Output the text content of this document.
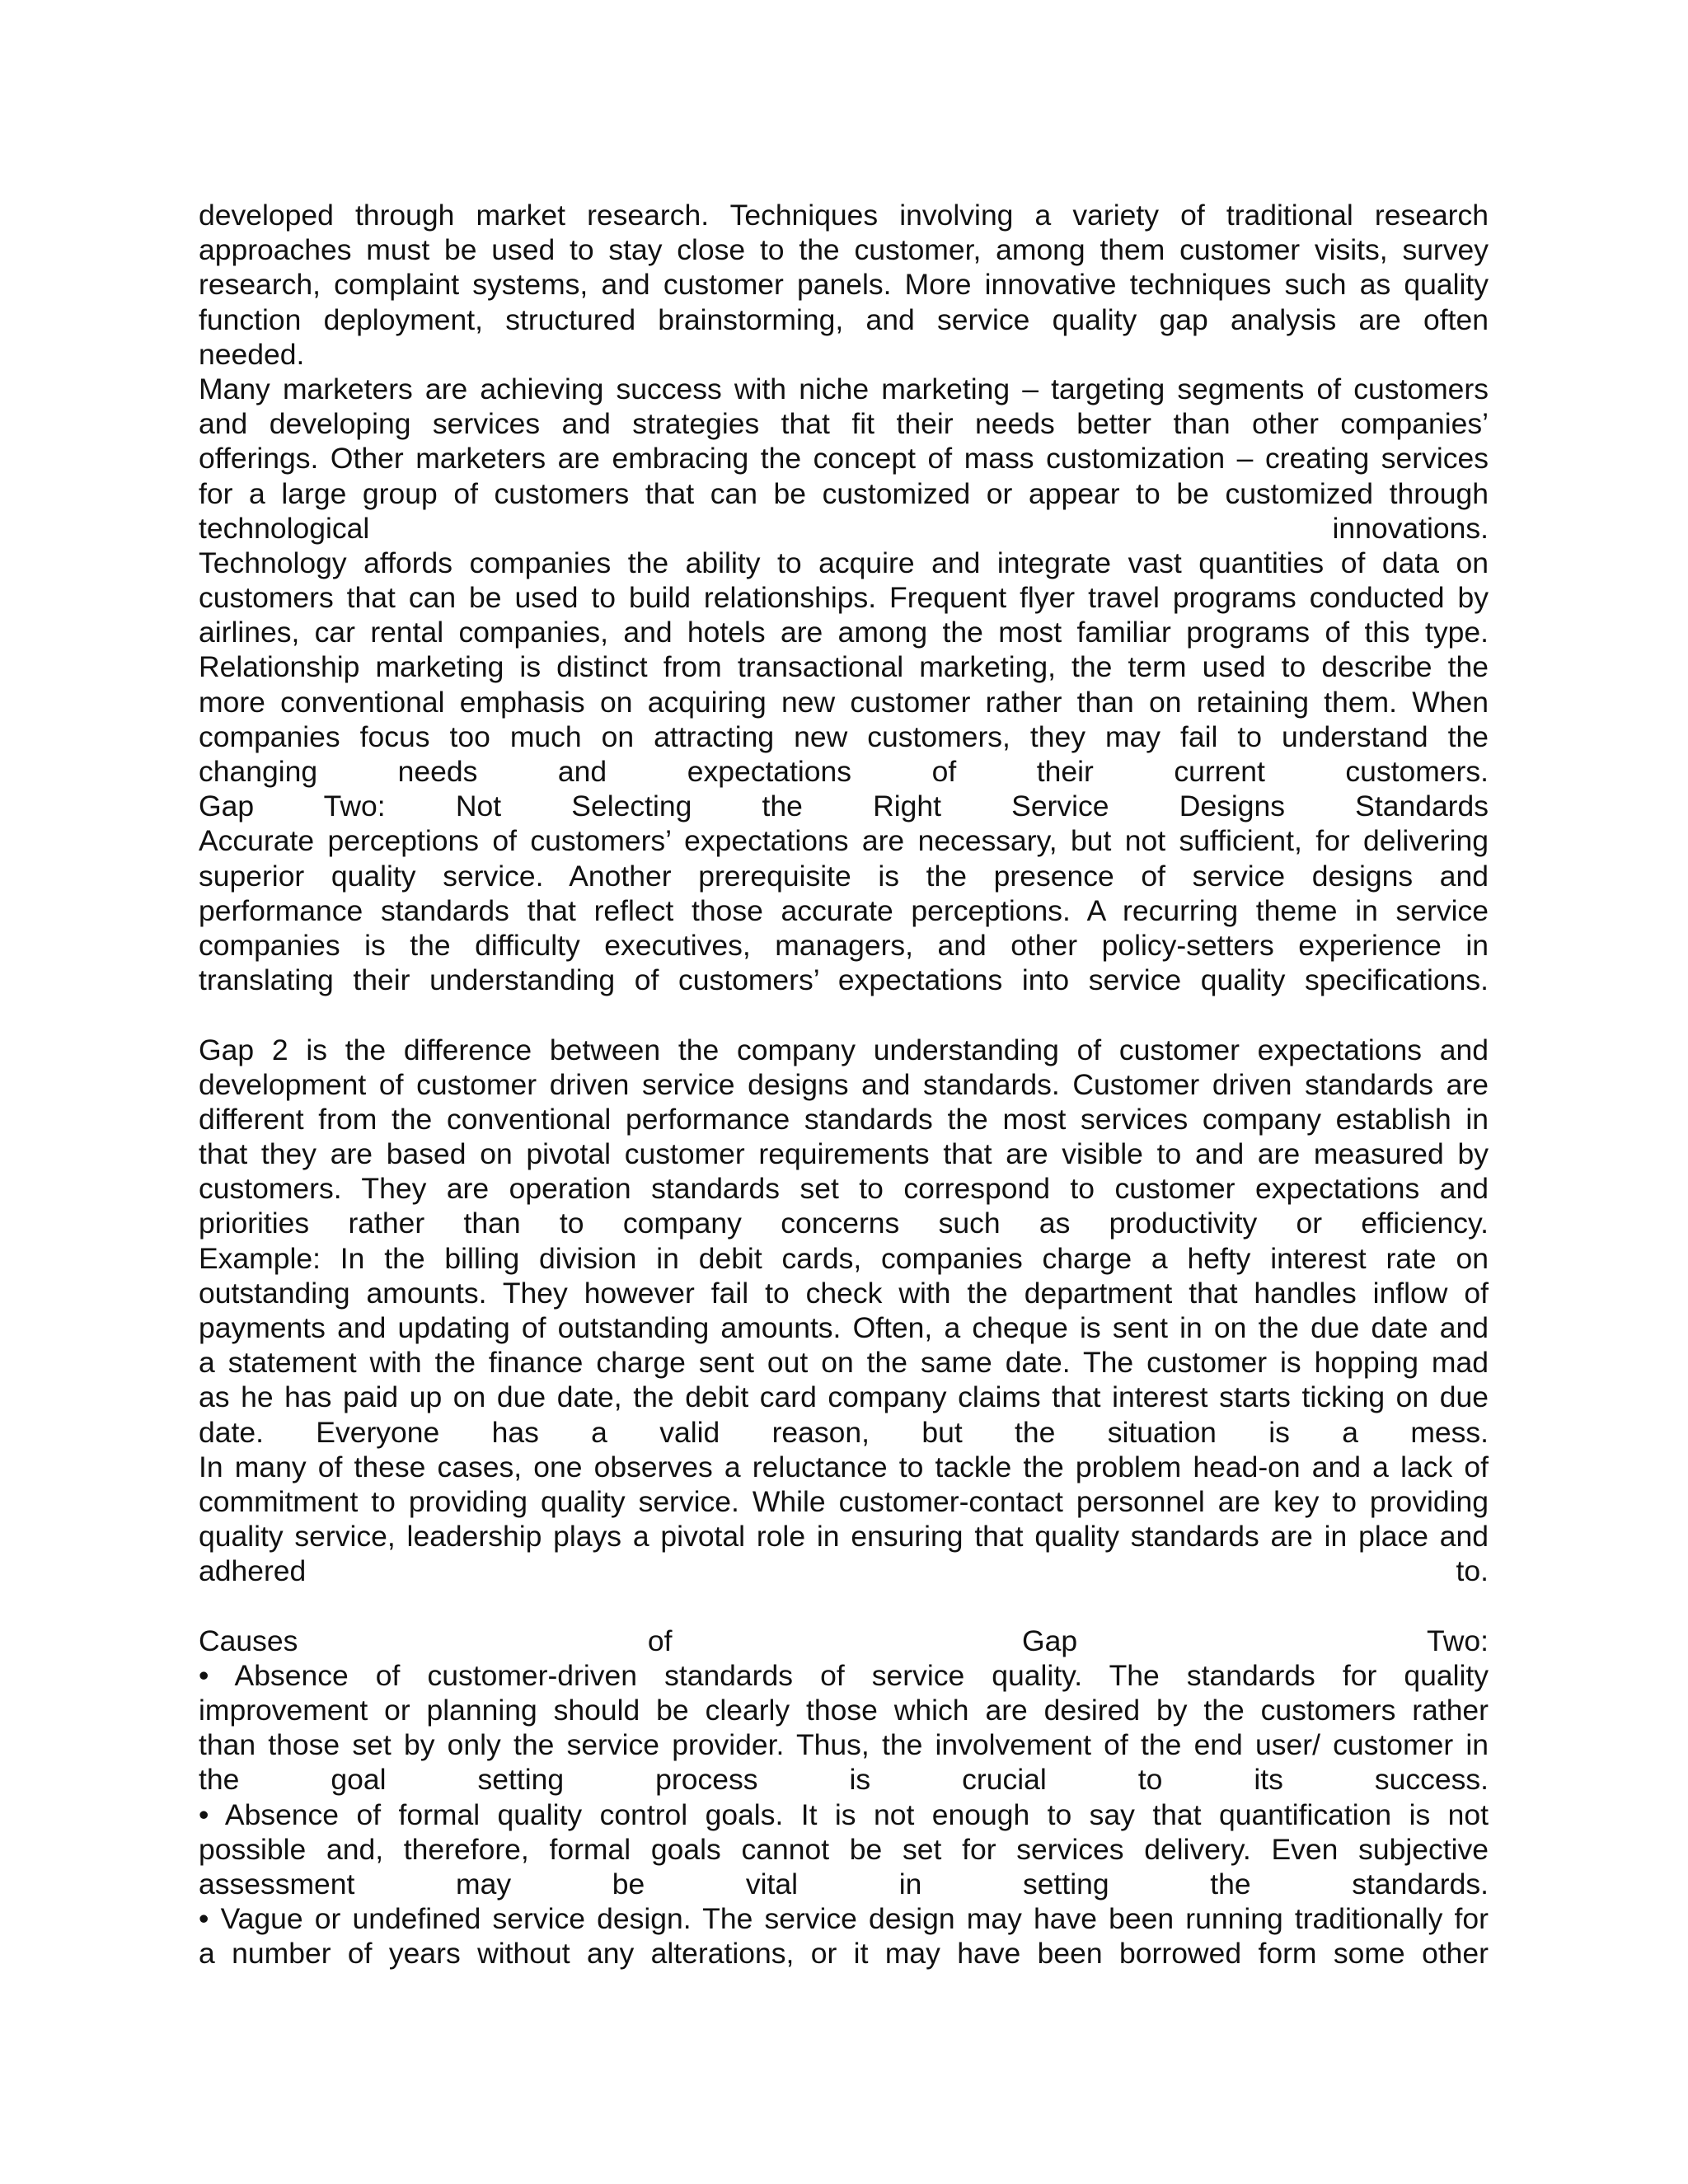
developed through market research. Techniques involving a variety of traditional research
approaches must be used to stay close to the customer, among them customer visits, survey
research, complaint systems, and customer panels. More innovative techniques such as quality
function deployment, structured brainstorming, and service quality gap analysis are often
needed.
Many marketers are achieving success with niche marketing – targeting segments of customers
and developing services and strategies that fit their needs better than other companies’
offerings. Other marketers are embracing the concept of mass customization – creating services
for a large group of customers that can be customized or appear to be customized through
technological innovations.
Technology affords companies the ability to acquire and integrate vast quantities of data on
customers that can be used to build relationships. Frequent flyer travel programs conducted by
airlines, car rental companies, and hotels are among the most familiar programs of this type.
Relationship marketing is distinct from transactional marketing, the term used to describe the
more conventional emphasis on acquiring new customer rather than on retaining them. When
companies focus too much on attracting new customers, they may fail to understand the
changing needs and expectations of their current customers.
Gap Two: Not Selecting the Right Service Designs Standards
Accurate perceptions of customers’ expectations are necessary, but not sufficient, for delivering
superior quality service. Another prerequisite is the presence of service designs and
performance standards that reflect those accurate perceptions. A recurring theme in service
companies is the difficulty executives, managers, and other policy-setters experience in
translating their understanding of customers’ expectations into service quality specifications.
Gap 2 is the difference between the company understanding of customer expectations and
development of customer driven service designs and standards. Customer driven standards are
different from the conventional performance standards the most services company establish in
that they are based on pivotal customer requirements that are visible to and are measured by
customers. They are operation standards set to correspond to customer expectations and
priorities rather than to company concerns such as productivity or efficiency.
Example: In the billing division in debit cards, companies charge a hefty interest rate on
outstanding amounts. They however fail to check with the department that handles inflow of
payments and updating of outstanding amounts. Often, a cheque is sent in on the due date and
a statement with the finance charge sent out on the same date. The customer is hopping mad
as he has paid up on due date, the debit card company claims that interest starts ticking on due
date. Everyone has a valid reason, but the situation is a mess.
In many of these cases, one observes a reluctance to tackle the problem head-on and a lack of
commitment to providing quality service. While customer-contact personnel are key to providing
quality service, leadership plays a pivotal role in ensuring that quality standards are in place and
adhered to.
Causes of Gap Two:
• Absence of customer-driven standards of service quality. The standards for quality
improvement or planning should be clearly those which are desired by the customers rather
than those set by only the service provider. Thus, the involvement of the end user/ customer in
the goal setting process is crucial to its success.
• Absence of formal quality control goals. It is not enough to say that quantification is not
possible and, therefore, formal goals cannot be set for services delivery. Even subjective
assessment may be vital in setting the standards.
• Vague or undefined service design. The service design may have been running traditionally for
a number of years without any alterations, or it may have been borrowed form some other
